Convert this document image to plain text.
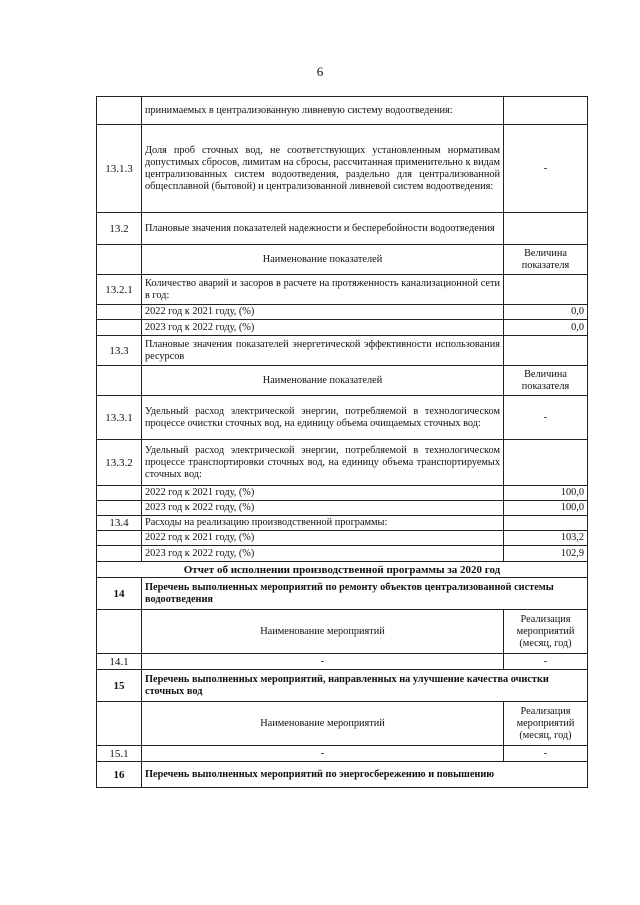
6
	принимаемых в централизованную ливневую систему водоотведения:	
13.1.3	Доля проб сточных вод, не соответствующих установленным нормативам допустимых сбросов, лимитам на сбросы, рассчитанная применительно к видам централизованных систем водоотведения, раздельно для централизованной общесплавной (бытовой) и централизованной ливневой систем водоотведения:	-
13.2	Плановые значения показателей надежности и бесперебойности водоотведения	
	Наименование показателей	Величина показателя
13.2.1	Количество аварий и засоров в расчете на протяженность канализационной сети в год:	
	2022 год к 2021 году, (%)	0,0
	2023 год к 2022 году, (%)	0,0
13.3	Плановые значения показателей энергетической эффективности использования ресурсов	
	Наименование показателей	Величина показателя
13.3.1	Удельный расход электрической энергии, потребляемой в технологическом процессе очистки сточных вод, на единицу объема очищаемых сточных вод:	-
13.3.2	Удельный расход электрической энергии, потребляемой в технологическом процессе транспортировки сточных вод, на единицу объема транспортируемых сточных вод:	
	2022 год к 2021 году, (%)	100,0
	2023 год к 2022 году, (%)	100,0
13.4	Расходы на реализацию производственной программы:	
	2022 год к 2021 году, (%)	103,2
	2023 год к 2022 году, (%)	102,9
Отчет об исполнении производственной программы за 2020 год		
14	Перечень выполненных мероприятий по ремонту объектов централизованной системы водоотведения	
	Наименование мероприятий	Реализация мероприятий (месяц, год)
14.1	-	-
15	Перечень выполненных мероприятий, направленных на улучшение качества очистки сточных вод	
	Наименование мероприятий	Реализация мероприятий (месяц, год)
15.1	-	-
16	Перечень выполненных мероприятий по энергосбережению и повышению	
